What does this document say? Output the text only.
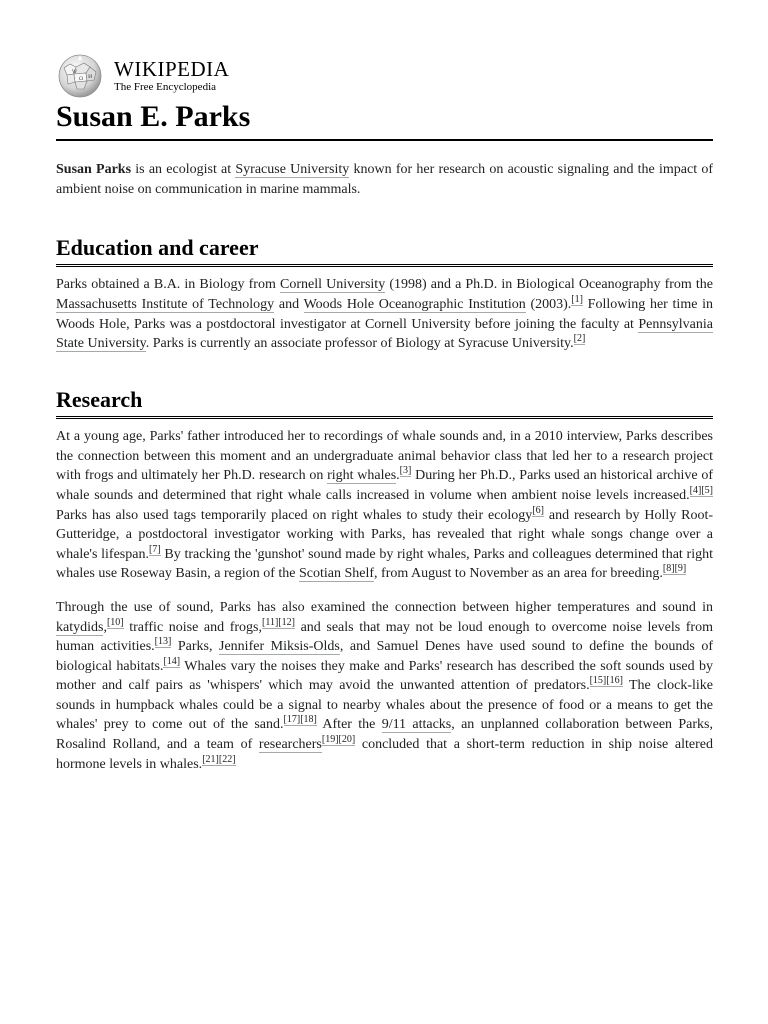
W
Ω И WIKIPEDIA
The Free Encyclopedia
Susan E. Parks

Susan Parks is an ecologist at Syracuse University known for her research on acoustic signaling and the impact of ambient noise on communication in marine mammals.

Education and career

Parks obtained a B.A. in Biology from Cornell University (1998) and a Ph.D. in Biological Oceanography from the Massachusetts Institute of Technology and Woods Hole Oceanographic Institution (2003).[1] Following her time in Woods Hole, Parks was a postdoctoral investigator at Cornell University before joining the faculty at Pennsylvania State University. Parks is currently an associate professor of Biology at Syracuse University.[2]

Research

At a young age, Parks' father introduced her to recordings of whale sounds and, in a 2010 interview, Parks describes the connection between this moment and an undergraduate animal behavior class that led her to a research project with frogs and ultimately her Ph.D. research on right whales.[3] During her Ph.D., Parks used an historical archive of whale sounds and determined that right whale calls increased in volume when ambient noise levels increased.[4][5] Parks has also used tags temporarily placed on right whales to study their ecology[6] and research by Holly Root-Gutteridge, a postdoctoral investigator working with Parks, has revealed that right whale songs change over a whale's lifespan.[7] By tracking the 'gunshot' sound made by right whales, Parks and colleagues determined that right whales use Roseway Basin, a region of the Scotian Shelf, from August to November as an area for breeding.[8][9]

Through the use of sound, Parks has also examined the connection between higher temperatures and sound in katydids,[10] traffic noise and frogs,[11][12] and seals that may not be loud enough to overcome noise levels from human activities.[13] Parks, Jennifer Miksis-Olds, and Samuel Denes have used sound to define the bounds of biological habitats.[14] Whales vary the noises they make and Parks' research has described the soft sounds used by mother and calf pairs as 'whispers' which may avoid the unwanted attention of predators.[15][16] The clock-like sounds in humpback whales could be a signal to nearby whales about the presence of food or a means to get the whales' prey to come out of the sand.[17][18] After the 9/11 attacks, an unplanned collaboration between Parks, Rosalind Rolland, and a team of researchers[19][20] concluded that a short-term reduction in ship noise altered hormone levels in whales.[21][22]
